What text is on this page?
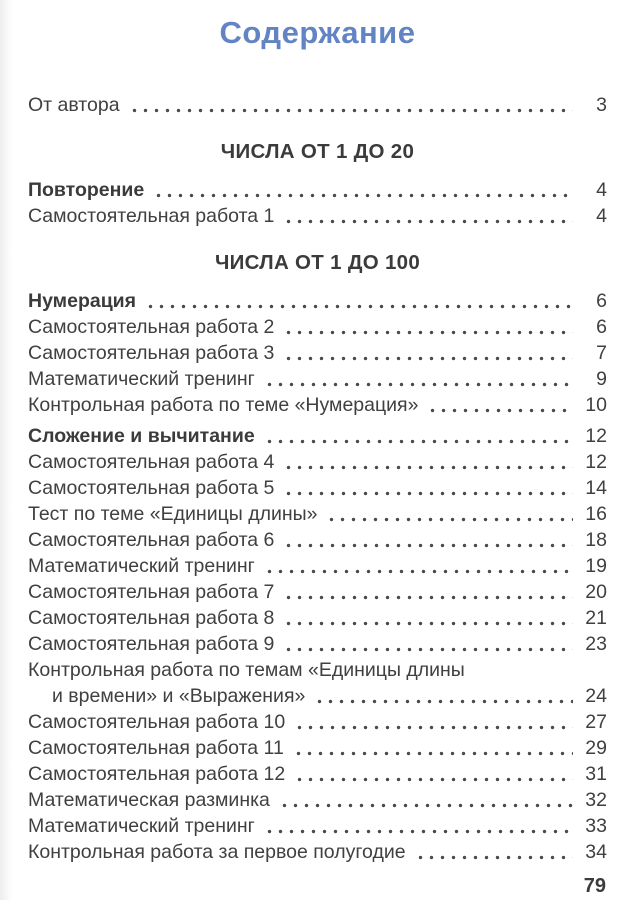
Содержание
От автора	3
ЧИСЛА ОТ 1 ДО 20
Повторение	4
Самостоятельная работа 1	4
ЧИСЛА ОТ 1 ДО 100
Нумерация	6
Самостоятельная работа 2	6
Самостоятельная работа 3	7
Математический тренинг	9
Контрольная работа по теме «Нумерация»	10
Сложение и вычитание	12
Самостоятельная работа 4	12
Самостоятельная работа 5	14
Тест по теме «Единицы длины»	16
Самостоятельная работа 6	18
Математический тренинг	19
Самостоятельная работа 7	20
Самостоятельная работа 8	21
Самостоятельная работа 9	23
Контрольная работа по темам «Единицы длины
и времени» и «Выражения»	24
Самостоятельная работа 10	27
Самостоятельная работа 11	29
Самостоятельная работа 12	31
Математическая разминка	32
Математический тренинг	33
Контрольная работа за первое полугодие	34
79
